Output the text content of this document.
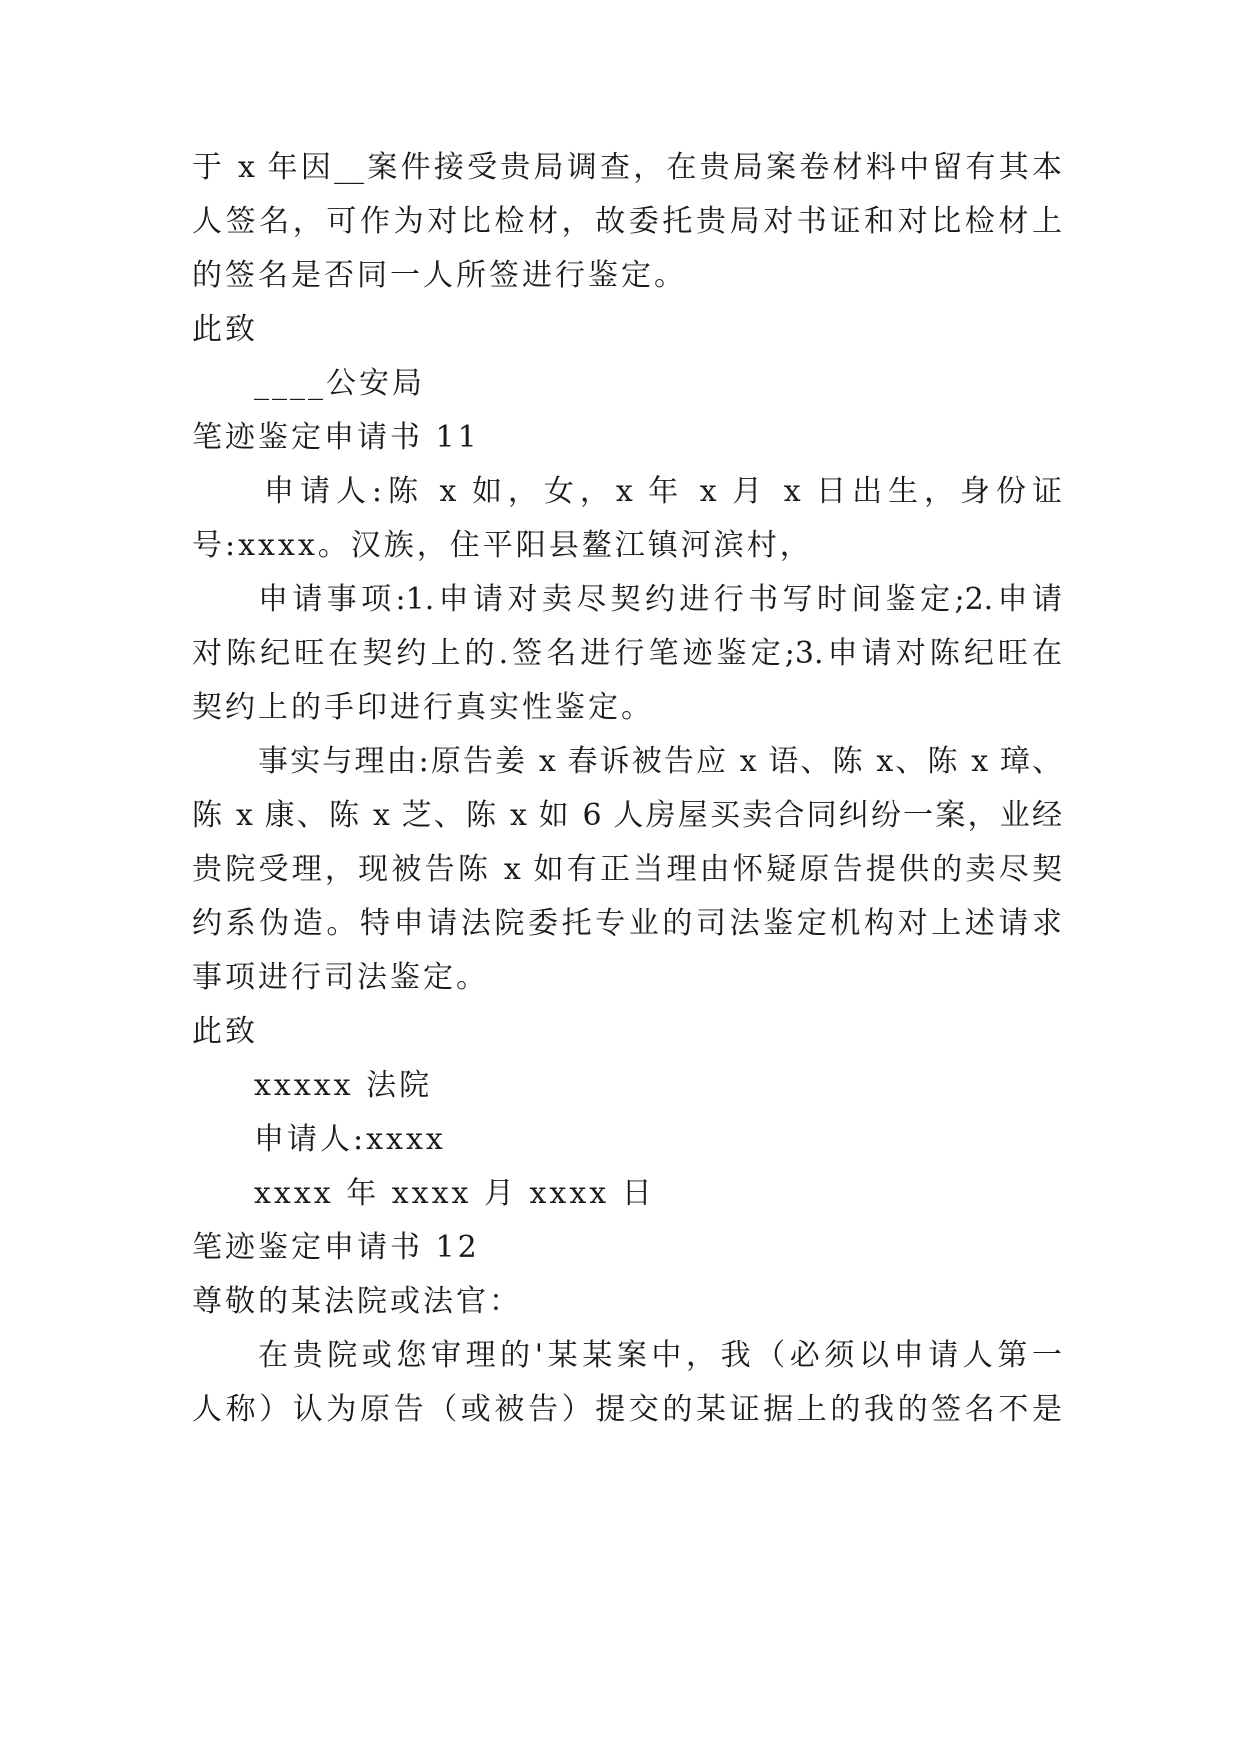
于 x 年因__案件接受贵局调查，在贵局案卷材料中留有其本
人签名，可作为对比检材，故委托贵局对书证和对比检材上
的签名是否同一人所签进行鉴定。
此致
____公安局
笔迹鉴定申请书 11
申请人:陈 x 如，女，x 年 x 月 x 日出生，身份证
号:xxxx。汉族，住平阳县鳌江镇河滨村，
申请事项:1.申请对卖尽契约进行书写时间鉴定;2.申请
对陈纪旺在契约上的.签名进行笔迹鉴定;3.申请对陈纪旺在
契约上的手印进行真实性鉴定。
事实与理由:原告姜 x 春诉被告应 x 语、陈 x、陈 x 璋、
陈 x 康、陈 x 芝、陈 x 如 6 人房屋买卖合同纠纷一案，业经
贵院受理，现被告陈 x 如有正当理由怀疑原告提供的卖尽契
约系伪造。特申请法院委托专业的司法鉴定机构对上述请求
事项进行司法鉴定。
此致
xxxxx 法院
申请人:xxxx
xxxx 年 xxxx 月 xxxx 日
笔迹鉴定申请书 12
尊敬的某法院或法官：
在贵院或您审理的'某某案中，我（必须以申请人第一
人称）认为原告（或被告）提交的某证据上的我的签名不是
